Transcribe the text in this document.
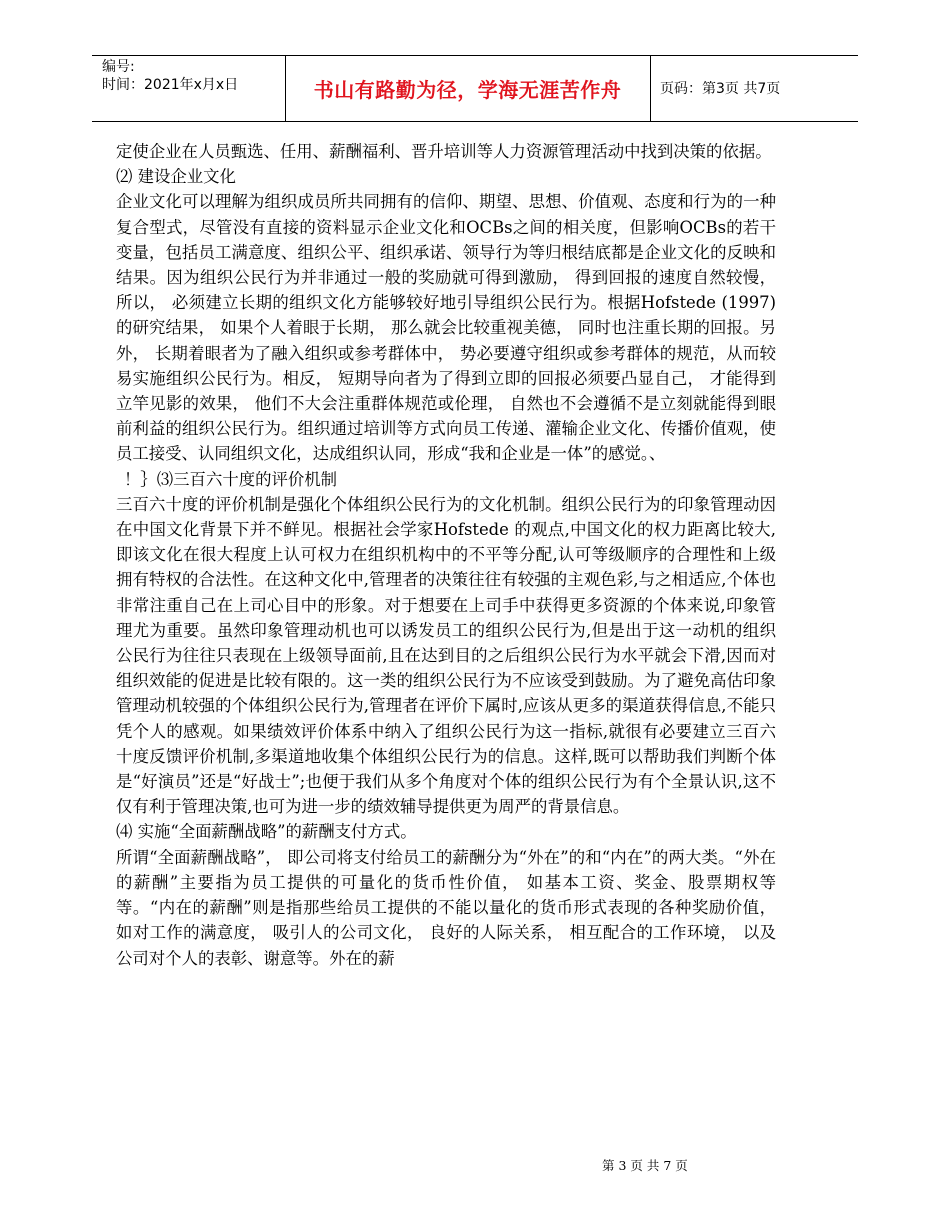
编号:
时间：2021年x月x日	书山有路勤为径，学海无涯苦作舟	页码：第3页 共7页

定使企业在人员甄选、任用、薪酬福利、晋升培训等人力资源管理活动中找到决策的依据。

⑵ 建设企业文化

企业文化可以理解为组织成员所共同拥有的信仰、期望、思想、价值观、态度和行为的一种复合型式，尽管没有直接的资料显示企业文化和OCBs之间的相关度，但影响OCBs的若干变量，包括员工满意度、组织公平、组织承诺、领导行为等归根结底都是企业文化的反映和结果。因为组织公民行为并非通过一般的奖励就可得到激励， 得到回报的速度自然较慢， 所以， 必须建立长期的组织文化方能够较好地引导组织公民行为。根据Hofstede (1997) 的研究结果， 如果个人着眼于长期， 那么就会比较重视美德， 同时也注重长期的回报。另外， 长期着眼者为了融入组织或参考群体中， 势必要遵守组织或参考群体的规范，从而较易实施组织公民行为。相反， 短期导向者为了得到立即的回报必须要凸显自己， 才能得到立竿见影的效果， 他们不大会注重群体规范或伦理， 自然也不会遵循不是立刻就能得到眼前利益的组织公民行为。组织通过培训等方式向员工传递、灌输企业文化、传播价值观，使员工接受、认同组织文化，达成组织认同，形成“我和企业是一体”的感觉。、

！｝⑶三百六十度的评价机制

三百六十度的评价机制是强化个体组织公民行为的文化机制。组织公民行为的印象管理动因在中国文化背景下并不鲜见。根据社会学家Hofstede 的观点,中国文化的权力距离比较大,即该文化在很大程度上认可权力在组织机构中的不平等分配,认可等级顺序的合理性和上级拥有特权的合法性。在这种文化中,管理者的决策往往有较强的主观色彩,与之相适应,个体也非常注重自己在上司心目中的形象。对于想要在上司手中获得更多资源的个体来说,印象管理尤为重要。虽然印象管理动机也可以诱发员工的组织公民行为,但是出于这一动机的组织公民行为往往只表现在上级领导面前,且在达到目的之后组织公民行为水平就会下滑,因而对组织效能的促进是比较有限的。这一类的组织公民行为不应该受到鼓励。为了避免高估印象管理动机较强的个体组织公民行为,管理者在评价下属时,应该从更多的渠道获得信息,不能只凭个人的感观。如果绩效评价体系中纳入了组织公民行为这一指标,就很有必要建立三百六十度反馈评价机制,多渠道地收集个体组织公民行为的信息。这样,既可以帮助我们判断个体是“好演员”还是“好战士”;也便于我们从多个角度对个体的组织公民行为有个全景认识,这不仅有利于管理决策,也可为进一步的绩效辅导提供更为周严的背景信息。

⑷ 实施“全面薪酬战略”的薪酬支付方式。

所谓“全面薪酬战略”， 即公司将支付给员工的薪酬分为“外在”的和“内在”的两大类。“外在的薪酬”主要指为员工提供的可量化的货币性价值， 如基本工资、奖金、股票期权等等。“内在的薪酬”则是指那些给员工提供的不能以量化的货币形式表现的各种奖励价值， 如对工作的满意度， 吸引人的公司文化， 良好的人际关系， 相互配合的工作环境， 以及公司对个人的表彰、谢意等。外在的薪

第 3 页 共 7 页
